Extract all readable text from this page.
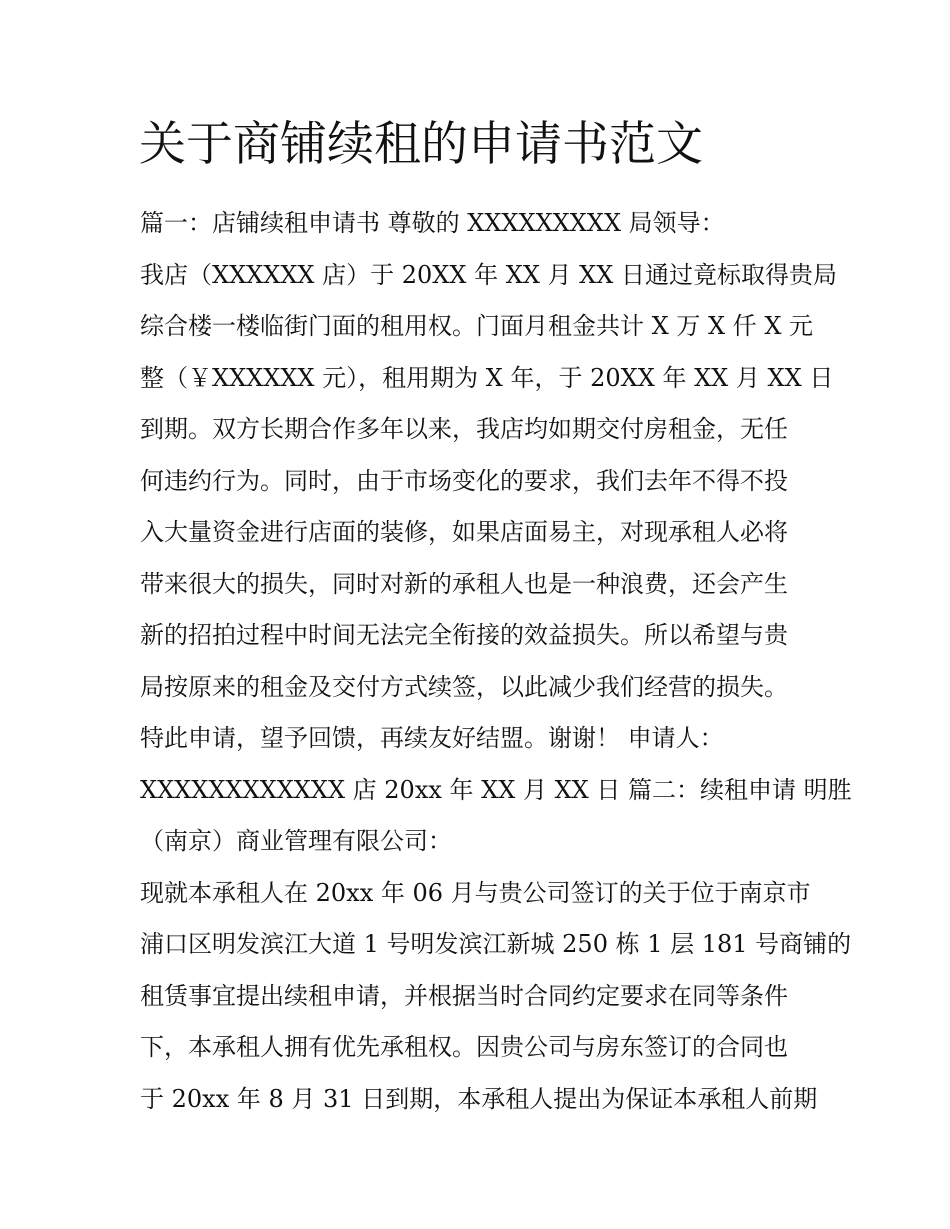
关于商铺续租的申请书范文
篇一：店铺续租申请书 尊敬的 XXXXXXXXX 局领导：
我店（XXXXXX 店）于 20XX 年 XX 月 XX 日通过竟标取得贵局
综合楼一楼临街门面的租用权。门面月租金共计 X 万 X 仟 X 元
整（￥XXXXXX 元），租用期为 X 年，于 20XX 年 XX 月 XX 日
到期。双方长期合作多年以来，我店均如期交付房租金，无任
何违约行为。同时，由于市场变化的要求，我们去年不得不投
入大量资金进行店面的装修，如果店面易主，对现承租人必将
带来很大的损失，同时对新的承租人也是一种浪费，还会产生
新的招拍过程中时间无法完全衔接的效益损失。所以希望与贵
局按原来的租金及交付方式续签，以此减少我们经营的损失。
特此申请，望予回馈，再续友好结盟。谢谢！ 申请人：
XXXXXXXXXXXX 店 20xx 年 XX 月 XX 日 篇二：续租申请 明胜
（南京）商业管理有限公司：
现就本承租人在 20xx 年 06 月与贵公司签订的关于位于南京市
浦口区明发滨江大道 1 号明发滨江新城 250 栋 1 层 181 号商铺的
租赁事宜提出续租申请，并根据当时合同约定要求在同等条件
下，本承租人拥有优先承租权。因贵公司与房东签订的合同也
于 20xx 年 8 月 31 日到期，本承租人提出为保证本承租人前期
